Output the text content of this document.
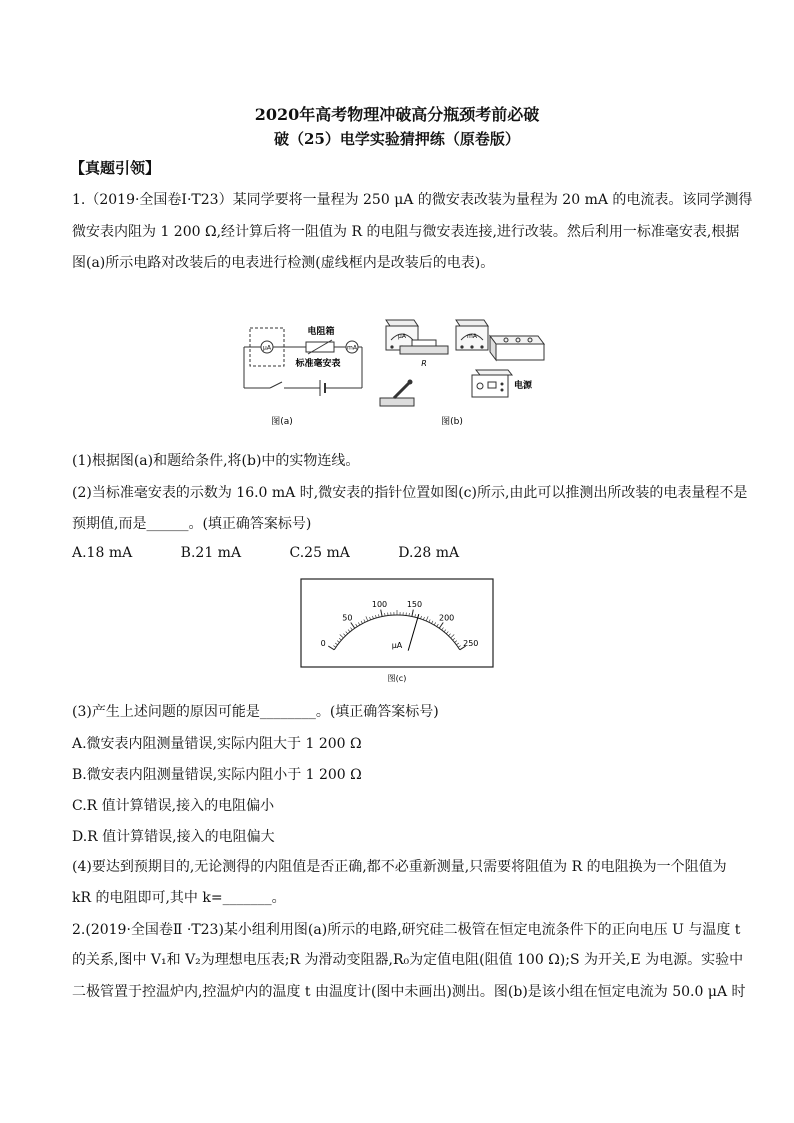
2020年高考物理冲破高分瓶颈考前必破
破（25）电学实验猜押练（原卷版）
【真题引领】
1.（2019·全国卷Ⅰ·T23）某同学要将一量程为 250 μA 的微安表改装为量程为 20 mA 的电流表。该同学测得
微安表内阻为 1 200 Ω,经计算后将一阻值为 R 的电阻与微安表连接,进行改装。然后利用一标准毫安表,根据
图(a)所示电路对改装后的电表进行检测(虚线框内是改装后的电表)。
μA	mA
电阻箱
标准毫安表
图(a)
μA	mA
R
电源
图(b)
(1)根据图(a)和题给条件,将(b)中的实物连线。
(2)当标准毫安表的示数为 16.0 mA 时,微安表的指针位置如图(c)所示,由此可以推测出所改装的电表量程不是
预期值,而是______。(填正确答案标号)
A.18 mA	B.21 mA	C.25 mA	D.28 mA
0
50
100 150
200
250
μA
图(c)
(3)产生上述问题的原因可能是________。(填正确答案标号)
A.微安表内阻测量错误,实际内阻大于 1 200 Ω
B.微安表内阻测量错误,实际内阻小于 1 200 Ω
C.R 值计算错误,接入的电阻偏小
D.R 值计算错误,接入的电阻偏大
(4)要达到预期目的,无论测得的内阻值是否正确,都不必重新测量,只需要将阻值为 R 的电阻换为一个阻值为
kR 的电阻即可,其中 k=_______。
2.(2019·全国卷Ⅱ ·T23)某小组利用图(a)所示的电路,研究硅二极管在恒定电流条件下的正向电压 U 与温度 t
的关系,图中 V₁和 V₂为理想电压表;R 为滑动变阻器,R₀为定值电阻(阻值 100 Ω);S 为开关,E 为电源。实验中
二极管置于控温炉内,控温炉内的温度 t 由温度计(图中未画出)测出。图(b)是该小组在恒定电流为 50.0 μA 时
